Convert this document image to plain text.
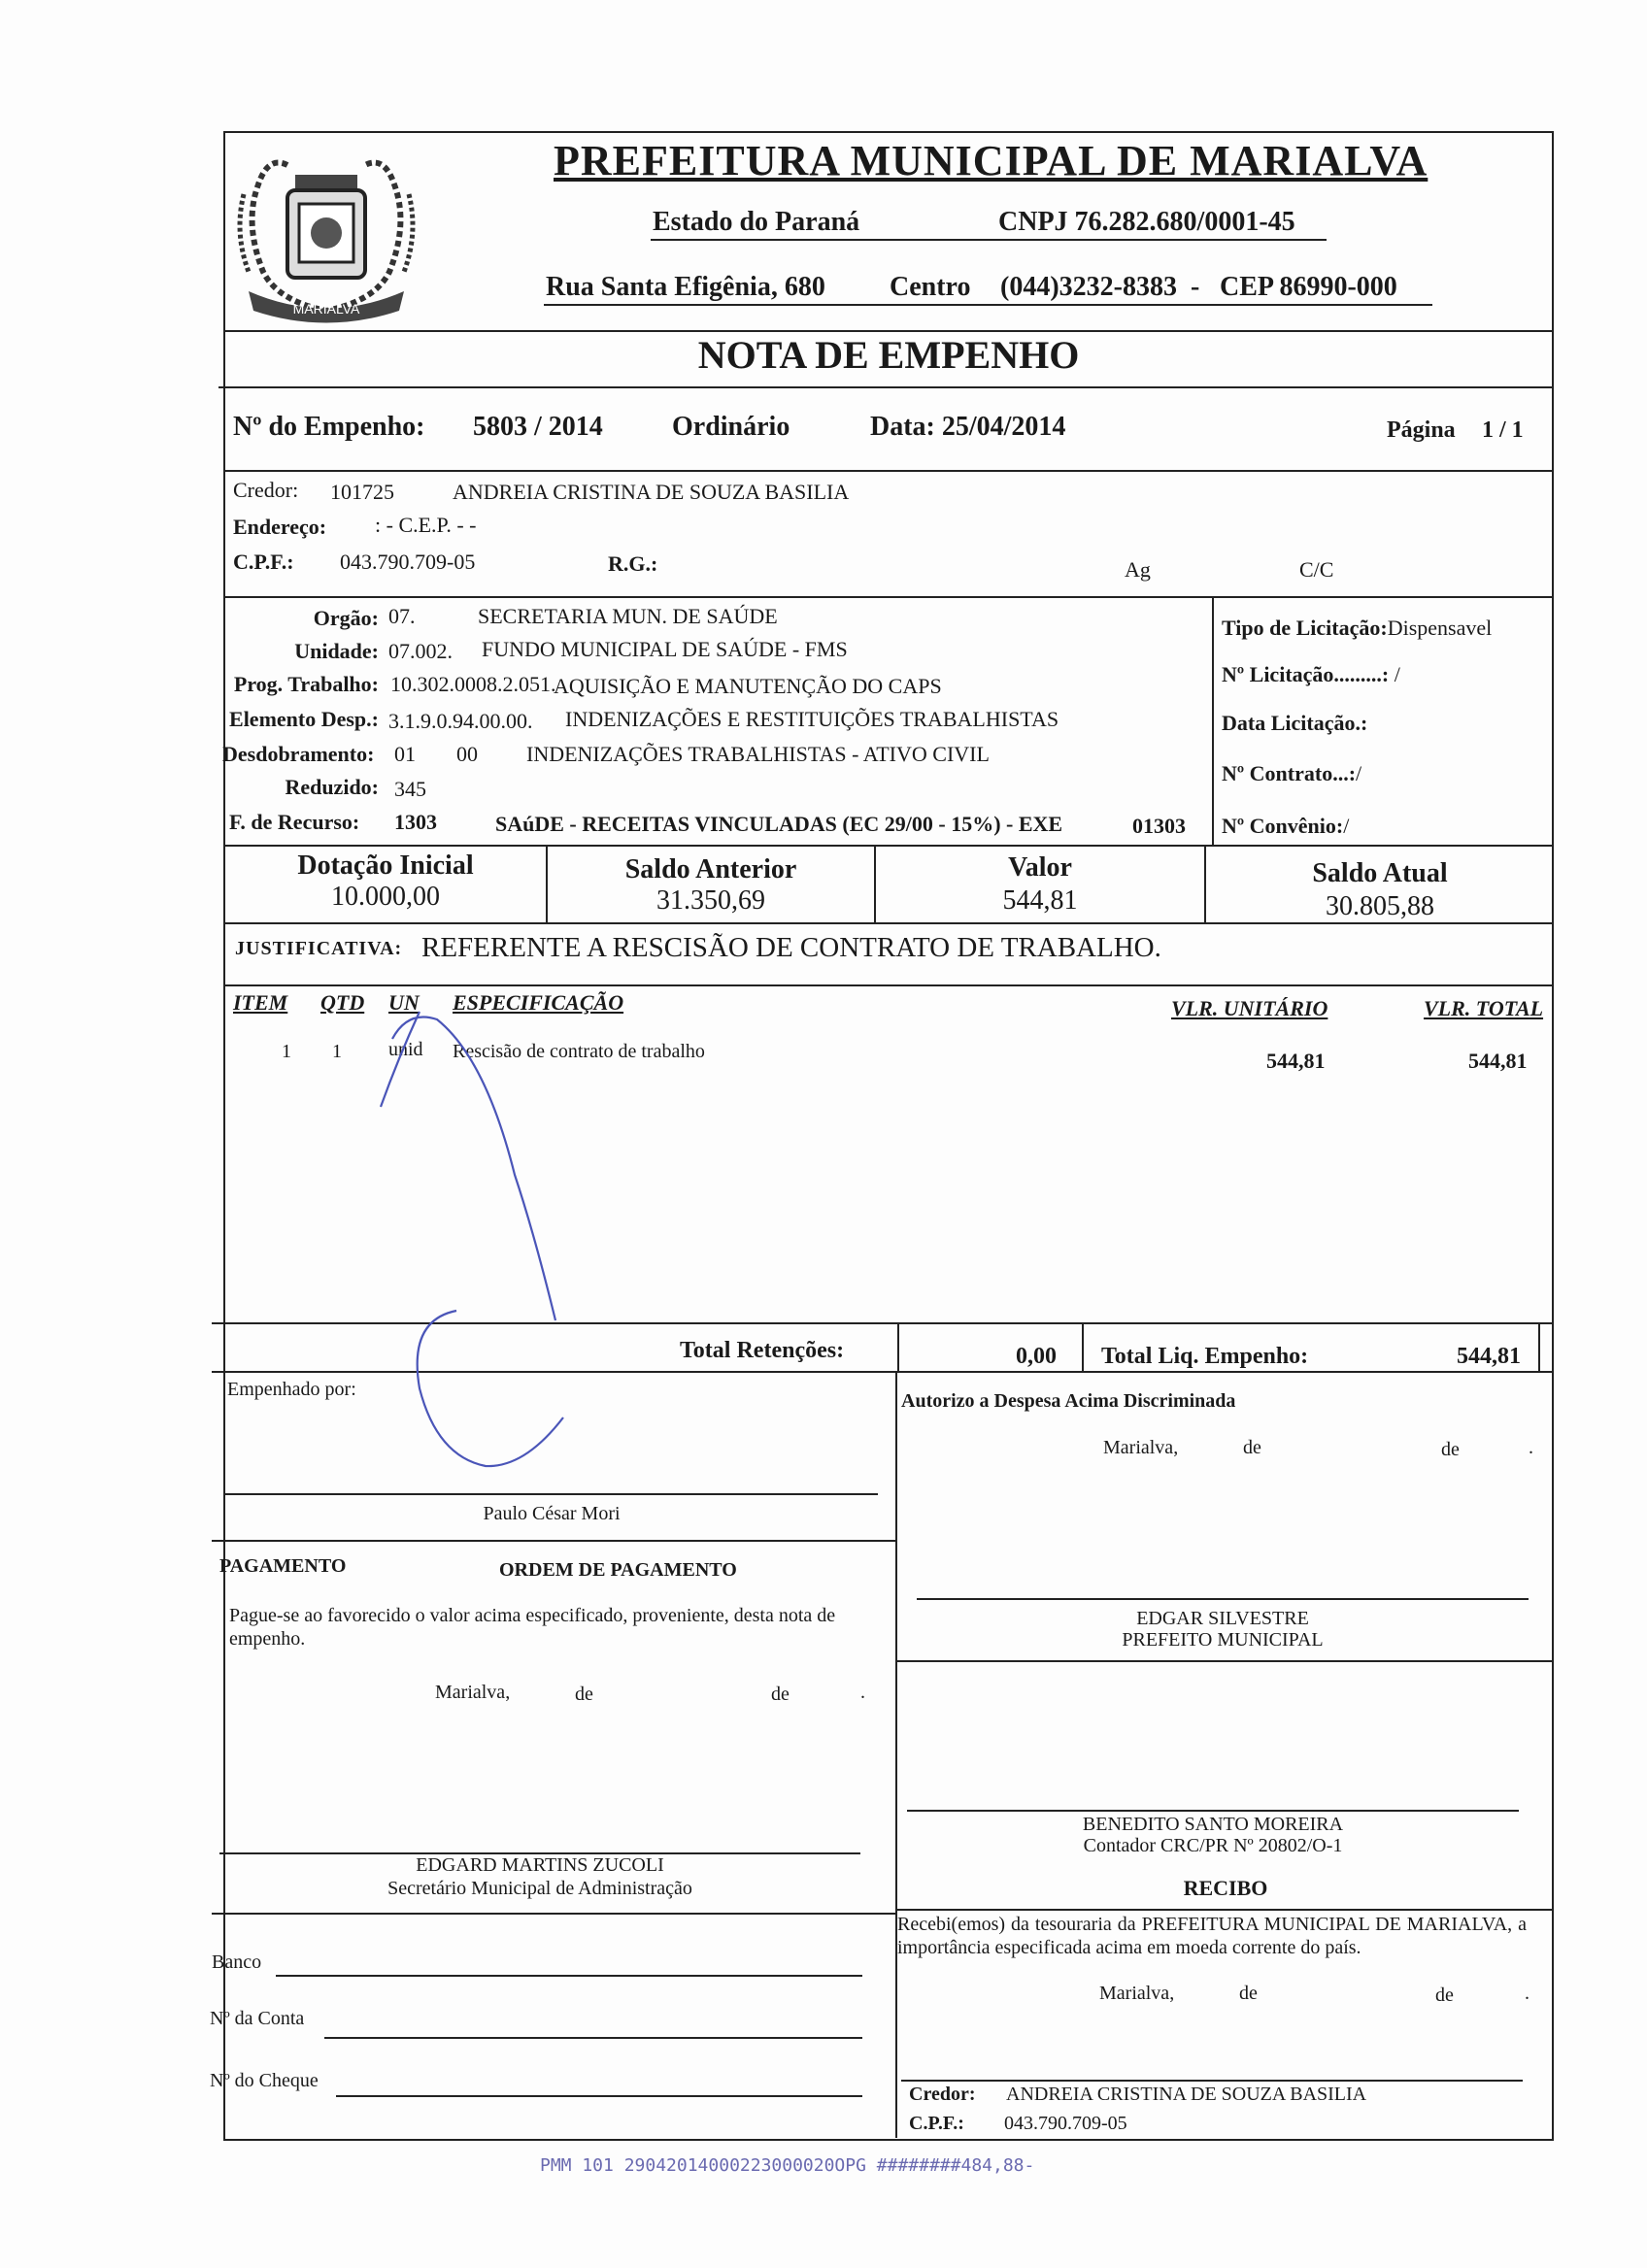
MARIALVA
PREFEITURA MUNICIPAL DE MARIALVA
Estado do Paraná	CNPJ 76.282.680/0001-45
Rua Santa Efigênia, 680 Centro (044)3232-8383 - CEP 86990-000
NOTA DE EMPENHO
Nº do Empenho: 5803 / 2014	Ordinário	Data: 25/04/2014	Página 1 / 1
Credor: 101725	ANDREIA CRISTINA DE SOUZA BASILIA
Endereço: : - C.E.P. - -
C.P.F.: 043.790.709-05	R.G.:	Ag	C/C
Orgão: 07.	SECRETARIA MUN. DE SAÚDE
Unidade: 07.002. FUNDO MUNICIPAL DE SAÚDE - FMS
Prog. Trabalho: 10.302.0008.2.051.
AQUISIÇÃO E MANUTENÇÃO DO CAPS
Elemento Desp.: 3.1.9.0.94.00.00. INDENIZAÇÕES E RESTITUIÇÕES TRABALHISTAS
Desdobramento: 01 00 INDENIZAÇÕES TRABALHISTAS - ATIVO CIVIL
Reduzido: 345
F. de Recurso: 1303	SAúDE - RECEITAS VINCULADAS (EC 29/00 - 15%) - EXE	01303
Tipo de Licitação:Dispensavel
Nº Licitação.........: /
Data Licitação.:
Nº Contrato...:/
Nº Convênio:/
Dotação Inicial
10.000,00
Saldo Anterior
31.350,69
Valor
544,81
Saldo Atual
30.805,88
JUSTIFICATIVA: REFERENTE A RESCISÃO DE CONTRATO DE TRABALHO.
ITEM QTD UN ESPECIFICAÇÃO	VLR. UNITÁRIO	VLR. TOTAL
1 1 unid Rescisão de contrato de trabalho	544,81	544,81
Total Retenções:	0,00 Total Liq. Empenho:	544,81
Empenhado por:
Paulo César Mori
Autorizo a Despesa Acima Discriminada
Marialva,	de	de	.
PAGAMENTO	ORDEM DE PAGAMENTO
Pague-se ao favorecido o valor acima especificado, proveniente, desta nota de empenho.
Marialva,	de	de	.
EDGAR SILVESTRE
PREFEITO MUNICIPAL
BENEDITO SANTO MOREIRA
Contador CRC/PR Nº 20802/O-1
EDGARD MARTINS ZUCOLI
Secretário Municipal de Administração	RECIBO
Recebi(emos) da tesouraria da PREFEITURA MUNICIPAL DE MARIALVA, a importância especificada acima em moeda corrente do país.
Marialva,	de	de	.
Banco
Nº da Conta
Nº do Cheque
Credor: ANDREIA CRISTINA DE SOUZA BASILIA
C.P.F.: 043.790.709-05
PMM 101 29042014000223000020OPG ########484,88-
